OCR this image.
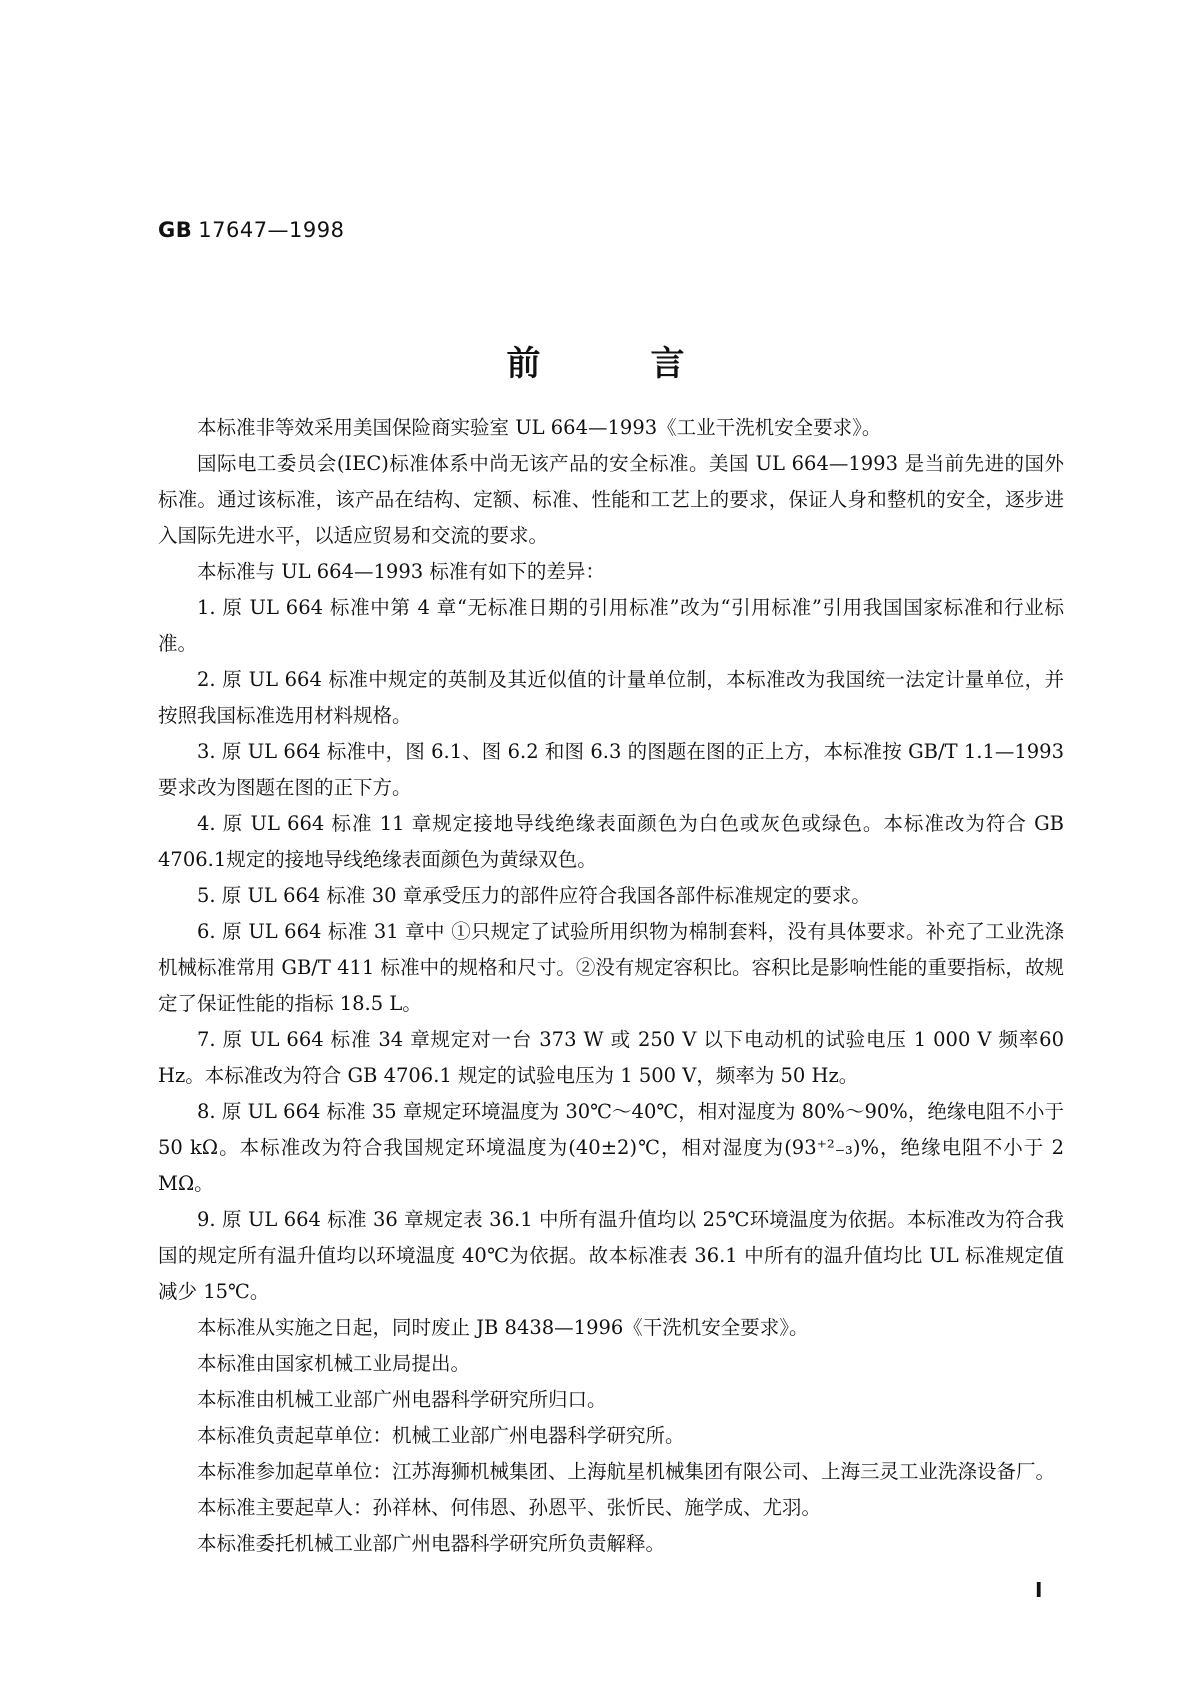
GB 17647—1998
前言

本标准非等效采用美国保险商实验室 UL 664—1993《工业干洗机安全要求》。

国际电工委员会(IEC)标准体系中尚无该产品的安全标准。美国 UL 664—1993 是当前先进的国外标准。通过该标准，该产品在结构、定额、标准、性能和工艺上的要求，保证人身和整机的安全，逐步进入国际先进水平，以适应贸易和交流的要求。

本标准与 UL 664—1993 标准有如下的差异：

1. 原 UL 664 标准中第 4 章“无标准日期的引用标准”改为“引用标准”引用我国国家标准和行业标准。

2. 原 UL 664 标准中规定的英制及其近似值的计量单位制，本标准改为我国统一法定计量单位，并按照我国标准选用材料规格。

3. 原 UL 664 标准中，图 6.1、图 6.2 和图 6.3 的图题在图的正上方，本标准按 GB/T 1.1—1993 要求改为图题在图的正下方。

4. 原 UL 664 标准 11 章规定接地导线绝缘表面颜色为白色或灰色或绿色。本标准改为符合 GB 4706.1规定的接地导线绝缘表面颜色为黄绿双色。

5. 原 UL 664 标准 30 章承受压力的部件应符合我国各部件标准规定的要求。

6. 原 UL 664 标准 31 章中 ①只规定了试验所用织物为棉制套料，没有具体要求。补充了工业洗涤机械标准常用 GB/T 411 标准中的规格和尺寸。②没有规定容积比。容积比是影响性能的重要指标，故规定了保证性能的指标 18.5 L。

7. 原 UL 664 标准 34 章规定对一台 373 W 或 250 V 以下电动机的试验电压 1 000 V 频率60 Hz。本标准改为符合 GB 4706.1 规定的试验电压为 1 500 V，频率为 50 Hz。

8. 原 UL 664 标准 35 章规定环境温度为 30℃～40℃，相对湿度为 80%～90%，绝缘电阻不小于 50 kΩ。本标准改为符合我国规定环境温度为(40±2)℃，相对湿度为(93⁺²₋₃)%，绝缘电阻不小于 2 MΩ。

9. 原 UL 664 标准 36 章规定表 36.1 中所有温升值均以 25℃环境温度为依据。本标准改为符合我国的规定所有温升值均以环境温度 40℃为依据。故本标准表 36.1 中所有的温升值均比 UL 标准规定值减少 15℃。

本标准从实施之日起，同时废止 JB 8438—1996《干洗机安全要求》。

本标准由国家机械工业局提出。

本标准由机械工业部广州电器科学研究所归口。

本标准负责起草单位：机械工业部广州电器科学研究所。

本标准参加起草单位：江苏海狮机械集团、上海航星机械集团有限公司、上海三灵工业洗涤设备厂。

本标准主要起草人：孙祥林、何伟恩、孙恩平、张忻民、施学成、尤羽。

本标准委托机械工业部广州电器科学研究所负责解释。

I
